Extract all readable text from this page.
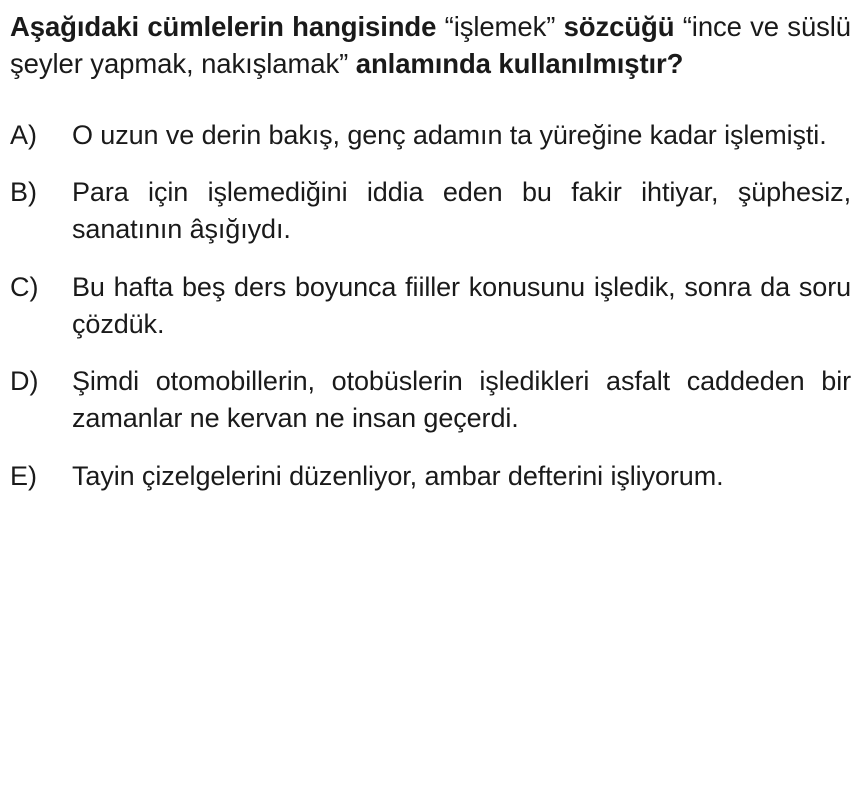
Aşağıdaki cümlelerin hangisinde “işlemek” sözcüğü “ince ve süslü şeyler yapmak, nakışlamak” anlamında kullanılmıştır?

A)	O uzun ve derin bakış, genç adamın ta yüreğine kadar işlemişti.
B)	Para için işlemediğini iddia eden bu fakir ihtiyar, şüphesiz, sanatının âşığıydı.
C)	Bu hafta beş ders boyunca fiiller konusunu işledik, sonra da soru çözdük.
D)	Şimdi otomobillerin, otobüslerin işledikleri asfalt caddeden bir zamanlar ne kervan ne insan geçerdi.
E)	Tayin çizelgelerini düzenliyor, ambar defterini işliyorum.
